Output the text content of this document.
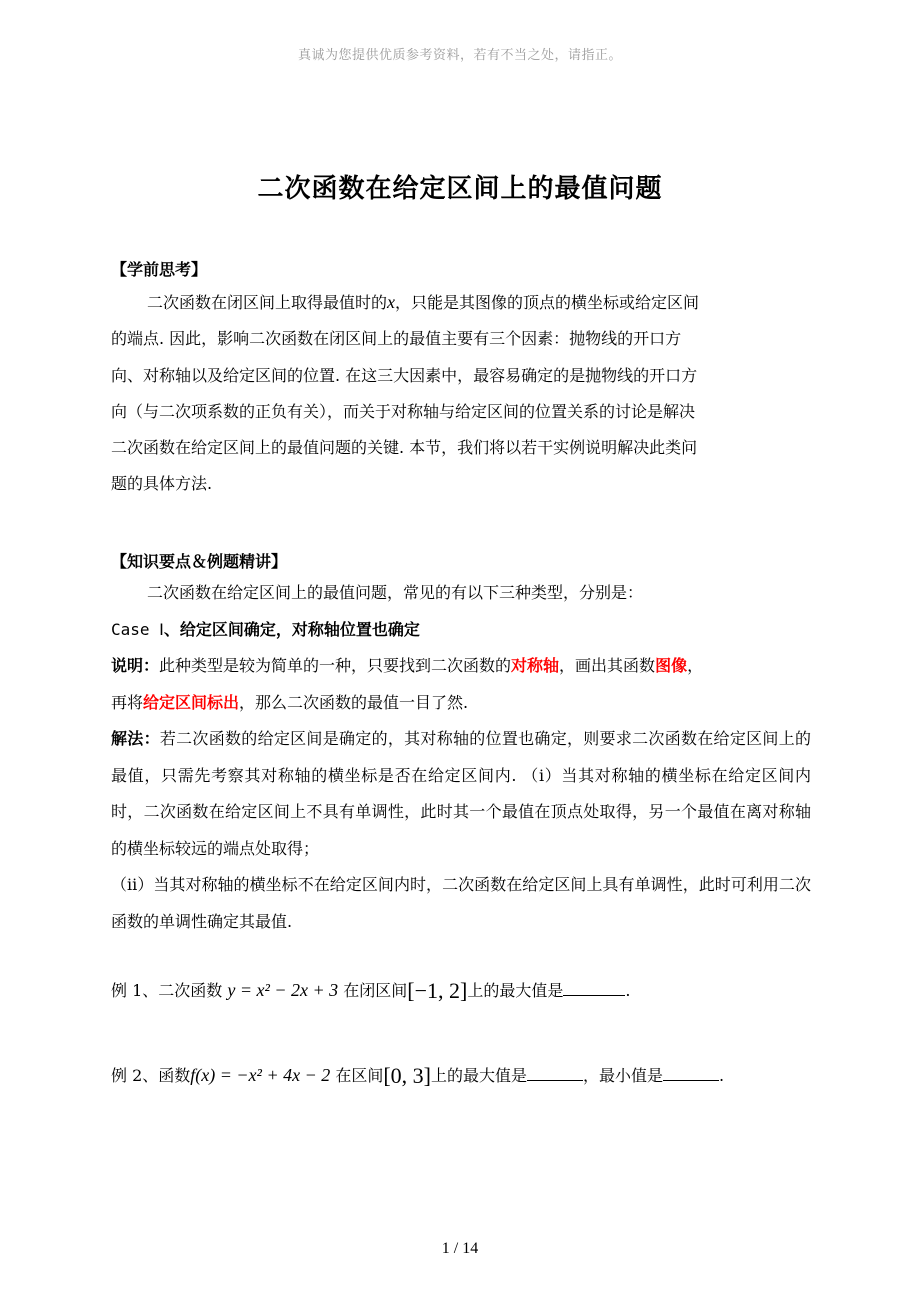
真诚为您提供优质参考资料，若有不当之处，请指正。
二次函数在给定区间上的最值问题
【学前思考】
二次函数在闭区间上取得最值时的x，只能是其图像的顶点的横坐标或给定区间
的端点. 因此，影响二次函数在闭区间上的最值主要有三个因素：抛物线的开口方
向、对称轴以及给定区间的位置. 在这三大因素中，最容易确定的是抛物线的开口方
向（与二次项系数的正负有关），而关于对称轴与给定区间的位置关系的讨论是解决
二次函数在给定区间上的最值问题的关键. 本节，我们将以若干实例说明解决此类问
题的具体方法.
【知识要点＆例题精讲】
二次函数在给定区间上的最值问题，常见的有以下三种类型，分别是：
Case Ⅰ、给定区间确定，对称轴位置也确定
说明：此种类型是较为简单的一种，只要找到二次函数的对称轴，画出其函数图像，
再将给定区间标出，那么二次函数的最值一目了然.
解法：若二次函数的给定区间是确定的，其对称轴的位置也确定，则要求二次函数在给定区间上的最值，只需先考察其对称轴的横坐标是否在给定区间内. （i）当其对称轴的横坐标在给定区间内时，二次函数在给定区间上不具有单调性，此时其一个最值在顶点处取得，另一个最值在离对称轴的横坐标较远的端点处取得；
（ii）当其对称轴的横坐标不在给定区间内时，二次函数在给定区间上具有单调性，此时可利用二次函数的单调性确定其最值.
例 1、二次函数 y = x² − 2x + 3 在闭区间[−1, 2]上的最大值是	.
例 2、函数f(x) = −x² + 4x − 2 在区间[0, 3]上的最大值是	，最小值是	.
1 / 14
